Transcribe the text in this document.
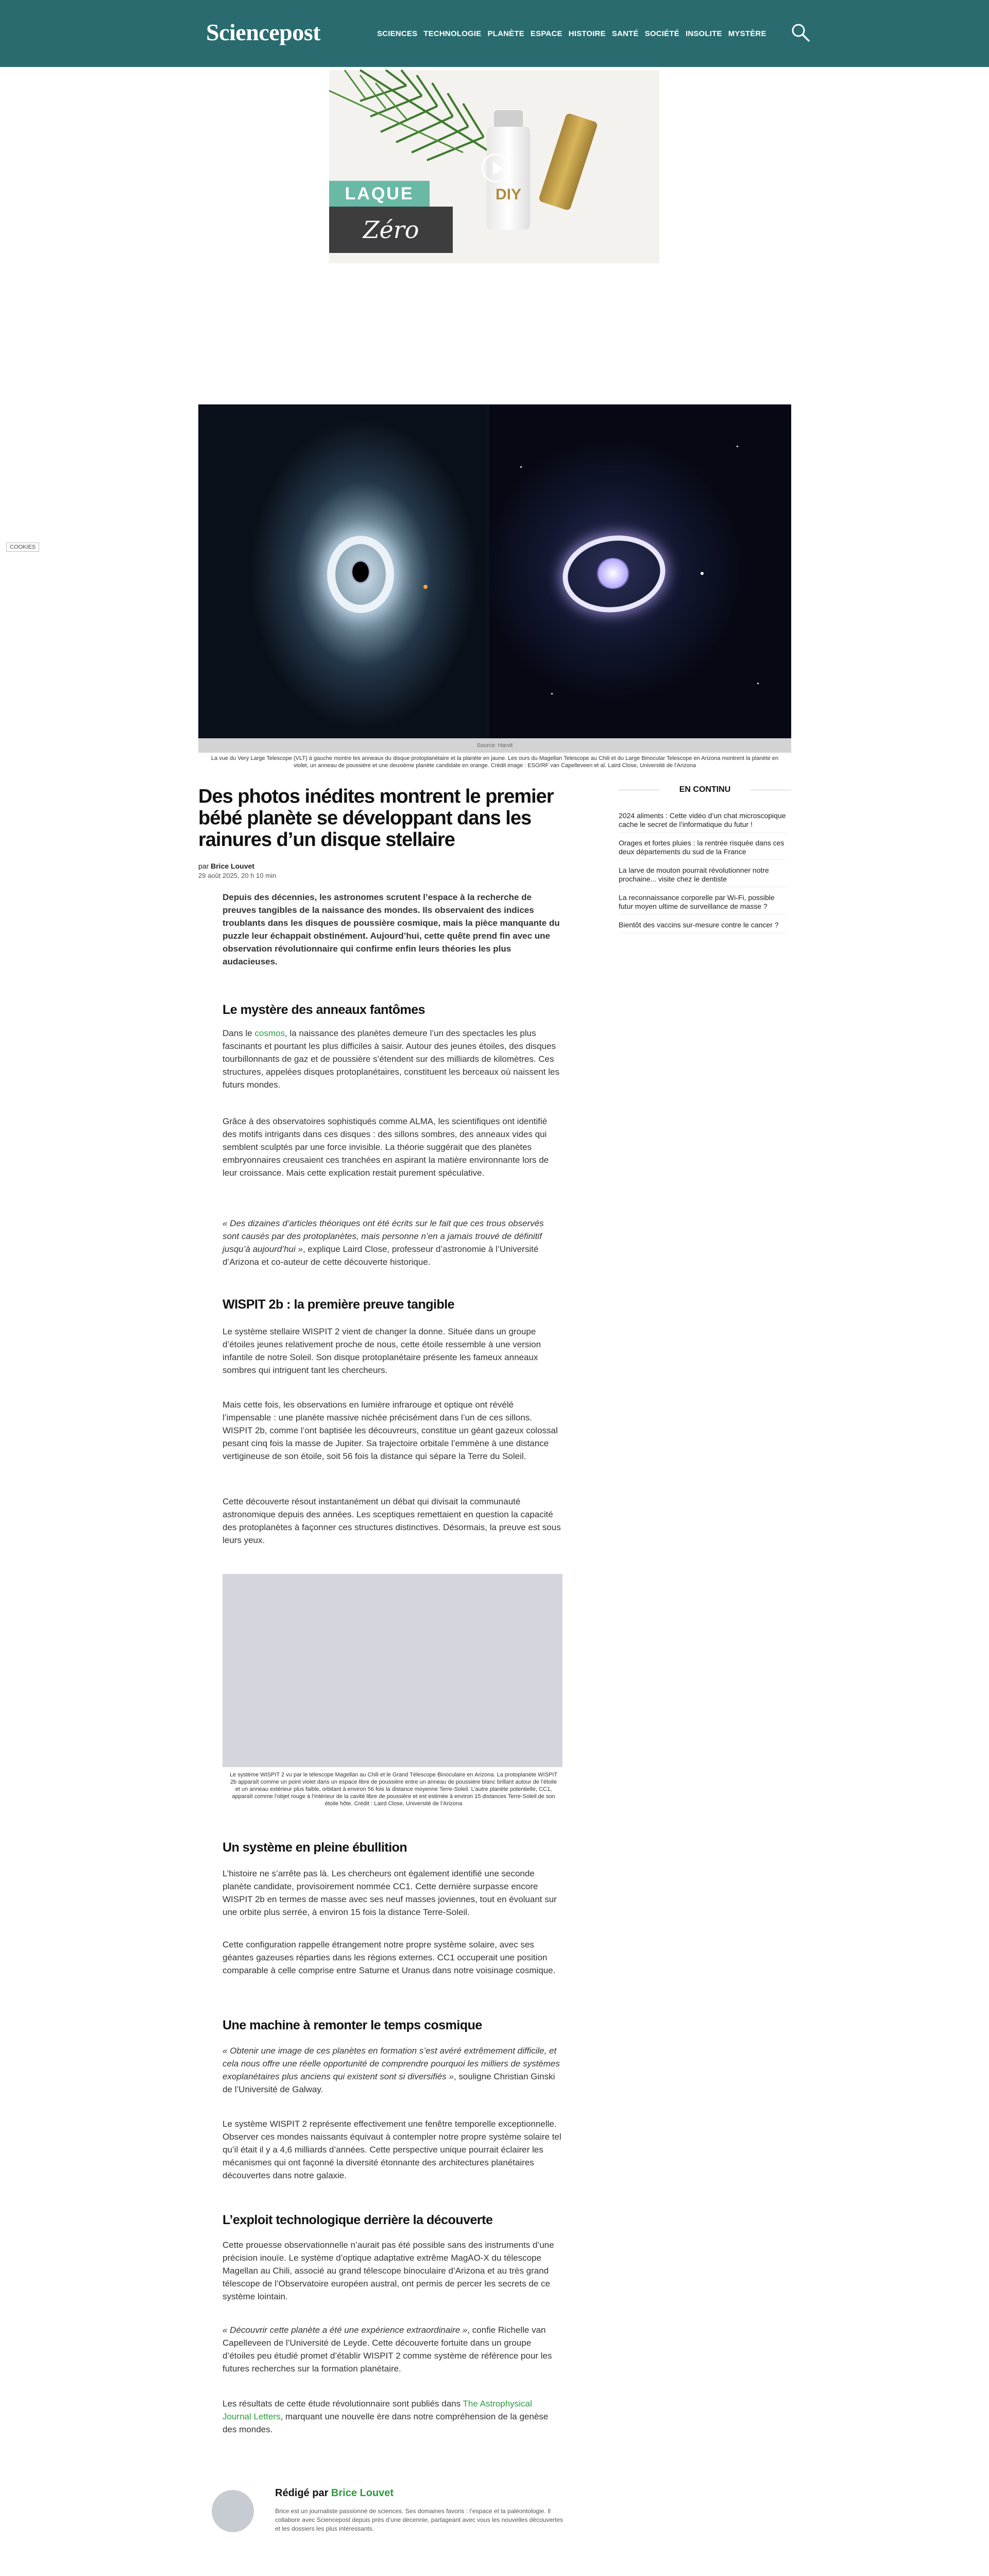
Sciencepost	SCIENCES TECHNOLOGIE PLANÈTE ESPACE HISTOIRE SANTÉ SOCIÉTÉ INSOLITE MYSTÈRE
LAQUE
Zéro déchet
DIY
COOKIES
Source: Harvit
La vue du Very Large Telescope (VLT) à gauche montre les anneaux du disque protoplanétaire et la planète en jaune. Les ours du Magellan Telescope au Chili et du Large Binocular Telescope en Arizona montrent la planète en violet, un anneau de poussière et une deuxième planète candidate en orange. Crédit image : ESO/RF van Capelleveen et al. Laird Close, Université de l'Arizona
Des photos inédites montrent le premier bébé planète se développant dans les rainures d’un disque stellaire
par Brice Louvet
29 août 2025, 20 h 10 min
EN CONTINU
2024 aliments : Cette vidéo d’un chat microscopique cache le secret de l’informatique du futur !
Orages et fortes pluies : la rentrée risquée dans ces deux départements du sud de la France
La larve de mouton pourrait révolutionner notre prochaine... visite chez le dentiste
La reconnaissance corporelle par Wi-Fi, possible futur moyen ultime de surveillance de masse ?
Bientôt des vaccins sur-mesure contre le cancer ?

Depuis des décennies, les astronomes scrutent l’espace à la recherche de preuves tangibles de la naissance des mondes. Ils observaient des indices troublants dans les disques de poussière cosmique, mais la pièce manquante du puzzle leur échappait obstinément. Aujourd’hui, cette quête prend fin avec une observation révolutionnaire qui confirme enfin leurs théories les plus audacieuses.

Le mystère des anneaux fantômes

Dans le cosmos, la naissance des planètes demeure l’un des spectacles les plus fascinants et pourtant les plus difficiles à saisir. Autour des jeunes étoiles, des disques tourbillonnants de gaz et de poussière s’étendent sur des milliards de kilomètres. Ces structures, appelées disques protoplanétaires, constituent les berceaux où naissent les futurs mondes.

Grâce à des observatoires sophistiqués comme ALMA, les scientifiques ont identifié des motifs intrigants dans ces disques : des sillons sombres, des anneaux vides qui semblent sculptés par une force invisible. La théorie suggérait que des planètes embryonnaires creusaient ces tranchées en aspirant la matière environnante lors de leur croissance. Mais cette explication restait purement spéculative.

« Des dizaines d’articles théoriques ont été écrits sur le fait que ces trous observés sont causés par des protoplanètes, mais personne n’en a jamais trouvé de définitif jusqu’à aujourd’hui », explique Laird Close, professeur d’astronomie à l’Université d’Arizona et co-auteur de cette découverte historique.

WISPIT 2b : la première preuve tangible

Le système stellaire WISPIT 2 vient de changer la donne. Située dans un groupe d’étoiles jeunes relativement proche de nous, cette étoile ressemble à une version infantile de notre Soleil. Son disque protoplanétaire présente les fameux anneaux sombres qui intriguent tant les chercheurs.

Mais cette fois, les observations en lumière infrarouge et optique ont révélé l’impensable : une planète massive nichée précisément dans l’un de ces sillons. WISPIT 2b, comme l’ont baptisée les découvreurs, constitue un géant gazeux colossal pesant cinq fois la masse de Jupiter. Sa trajectoire orbitale l’emmène à une distance vertigineuse de son étoile, soit 56 fois la distance qui sépare la Terre du Soleil.

Cette découverte résout instantanément un débat qui divisait la communauté astronomique depuis des années. Les sceptiques remettaient en question la capacité des protoplanètes à façonner ces structures distinctives. Désormais, la preuve est sous leurs yeux.

Le système WISPIT 2 vu par le télescope Magellan au Chili et le Grand Télescope Binoculaire en Arizona. La protoplanète WISPIT 2b apparaît comme un point violet dans un espace libre de poussière entre un anneau de poussière blanc brillant autour de l’étoile et un anneau extérieur plus faible, orbitant à environ 56 fois la distance moyenne Terre-Soleil. L’autre planète potentielle, CC1, apparaît comme l’objet rouge à l’intérieur de la cavité libre de poussière et est estimée à environ 15 distances Terre-Soleil de son étoile hôte. Crédit : Laird Close, Université de l’Arizona
Un système en pleine ébullition

L’histoire ne s’arrête pas là. Les chercheurs ont également identifié une seconde planète candidate, provisoirement nommée CC1. Cette dernière surpasse encore WISPIT 2b en termes de masse avec ses neuf masses joviennes, tout en évoluant sur une orbite plus serrée, à environ 15 fois la distance Terre-Soleil.

Cette configuration rappelle étrangement notre propre système solaire, avec ses géantes gazeuses réparties dans les régions externes. CC1 occuperait une position comparable à celle comprise entre Saturne et Uranus dans notre voisinage cosmique.

Une machine à remonter le temps cosmique

« Obtenir une image de ces planètes en formation s’est avéré extrêmement difficile, et cela nous offre une réelle opportunité de comprendre pourquoi les milliers de systèmes exoplanétaires plus anciens qui existent sont si diversifiés », souligne Christian Ginski de l’Université de Galway.

Le système WISPIT 2 représente effectivement une fenêtre temporelle exceptionnelle. Observer ces mondes naissants équivaut à contempler notre propre système solaire tel qu’il était il y a 4,6 milliards d’années. Cette perspective unique pourrait éclairer les mécanismes qui ont façonné la diversité étonnante des architectures planétaires découvertes dans notre galaxie.

L’exploit technologique derrière la découverte

Cette prouesse observationnelle n’aurait pas été possible sans des instruments d’une précision inouïe. Le système d’optique adaptative extrême MagAO-X du télescope Magellan au Chili, associé au grand télescope binoculaire d’Arizona et au très grand télescope de l’Observatoire européen austral, ont permis de percer les secrets de ce système lointain.

« Découvrir cette planète a été une expérience extraordinaire », confie Richelle van Capelleveen de l’Université de Leyde. Cette découverte fortuite dans un groupe d’étoiles peu étudié promet d’établir WISPIT 2 comme système de référence pour les futures recherches sur la formation planétaire.

Les résultats de cette étude révolutionnaire sont publiés dans The Astrophysical Journal Letters, marquant une nouvelle ère dans notre compréhension de la genèse des mondes.

Rédigé par Brice Louvet
Brice est un journaliste passionné de sciences. Ses domaines favoris : l’espace et la paléontologie. Il collabore avec Sciencepost depuis près d’une décennie, partageant avec vous les nouvelles découvertes et les dossiers les plus intéressants.
